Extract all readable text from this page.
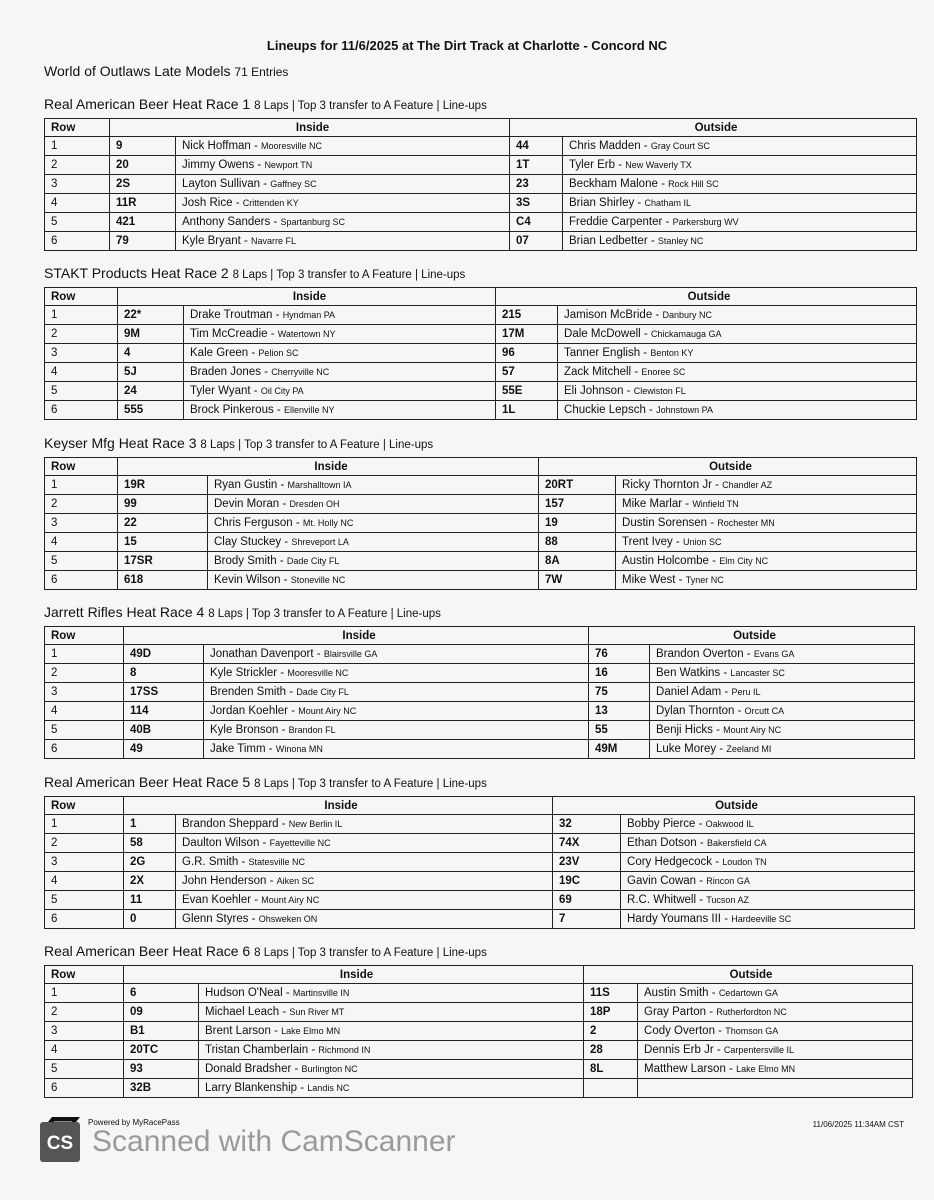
Lineups for 11/6/2025 at The Dirt Track at Charlotte - Concord NC
World of Outlaws Late Models 71 Entries
Real American Beer Heat Race 1 8 Laps | Top 3 transfer to A Feature | Line-ups
Row	Inside		Outside	
1	9	Nick Hoffman - Mooresville NC	44	Chris Madden - Gray Court SC
2	20	Jimmy Owens - Newport TN	1T	Tyler Erb - New Waverly TX
3	2S	Layton Sullivan - Gaffney SC	23	Beckham Malone - Rock Hill SC
4	11R	Josh Rice - Crittenden KY	3S	Brian Shirley - Chatham IL
5	421	Anthony Sanders - Spartanburg SC	C4	Freddie Carpenter - Parkersburg WV
6	79	Kyle Bryant - Navarre FL	07	Brian Ledbetter - Stanley NC
STAKT Products Heat Race 2 8 Laps | Top 3 transfer to A Feature | Line-ups
Row	Inside		Outside	
1	22*	Drake Troutman - Hyndman PA	215	Jamison McBride - Danbury NC
2	9M	Tim McCreadie - Watertown NY	17M	Dale McDowell - Chickamauga GA
3	4	Kale Green - Pelion SC	96	Tanner English - Benton KY
4	5J	Braden Jones - Cherryville NC	57	Zack Mitchell - Enoree SC
5	24	Tyler Wyant - Oil City PA	55E	Eli Johnson - Clewiston FL
6	555	Brock Pinkerous - Ellenville NY	1L	Chuckie Lepsch - Johnstown PA
Keyser Mfg Heat Race 3 8 Laps | Top 3 transfer to A Feature | Line-ups
Row	Inside		Outside	
1	19R	Ryan Gustin - Marshalltown IA	20RT	Ricky Thornton Jr - Chandler AZ
2	99	Devin Moran - Dresden OH	157	Mike Marlar - Winfield TN
3	22	Chris Ferguson - Mt. Holly NC	19	Dustin Sorensen - Rochester MN
4	15	Clay Stuckey - Shreveport LA	88	Trent Ivey - Union SC
5	17SR	Brody Smith - Dade City FL	8A	Austin Holcombe - Elm City NC
6	618	Kevin Wilson - Stoneville NC	7W	Mike West - Tyner NC
Jarrett Rifles Heat Race 4 8 Laps | Top 3 transfer to A Feature | Line-ups
Row	Inside		Outside	
1	49D	Jonathan Davenport - Blairsville GA	76	Brandon Overton - Evans GA
2	8	Kyle Strickler - Mooresville NC	16	Ben Watkins - Lancaster SC
3	17SS	Brenden Smith - Dade City FL	75	Daniel Adam - Peru IL
4	114	Jordan Koehler - Mount Airy NC	13	Dylan Thornton - Orcutt CA
5	40B	Kyle Bronson - Brandon FL	55	Benji Hicks - Mount Airy NC
6	49	Jake Timm - Winona MN	49M	Luke Morey - Zeeland MI
Real American Beer Heat Race 5 8 Laps | Top 3 transfer to A Feature | Line-ups
Row	Inside		Outside	
1	1	Brandon Sheppard - New Berlin IL	32	Bobby Pierce - Oakwood IL
2	58	Daulton Wilson - Fayetteville NC	74X	Ethan Dotson - Bakersfield CA
3	2G	G.R. Smith - Statesville NC	23V	Cory Hedgecock - Loudon TN
4	2X	John Henderson - Aiken SC	19C	Gavin Cowan - Rincon GA
5	11	Evan Koehler - Mount Airy NC	69	R.C. Whitwell - Tucson AZ
6	0	Glenn Styres - Ohsweken ON	7	Hardy Youmans III - Hardeeville SC
Real American Beer Heat Race 6 8 Laps | Top 3 transfer to A Feature | Line-ups
Row	Inside		Outside	
1	6	Hudson O'Neal - Martinsville IN	11S	Austin Smith - Cedartown GA
2	09	Michael Leach - Sun River MT	18P	Gray Parton - Rutherfordton NC
3	B1	Brent Larson - Lake Elmo MN	2	Cody Overton - Thomson GA
4	20TC	Tristan Chamberlain - Richmond IN	28	Dennis Erb Jr - Carpentersville IL
5	93	Donald Bradsher - Burlington NC	8L	Matthew Larson - Lake Elmo MN
6	32B	Larry Blankenship - Landis NC		
Powered by MyRacePass	11/06/2025 11:34AM CST
CS Scanned with CamScanner
